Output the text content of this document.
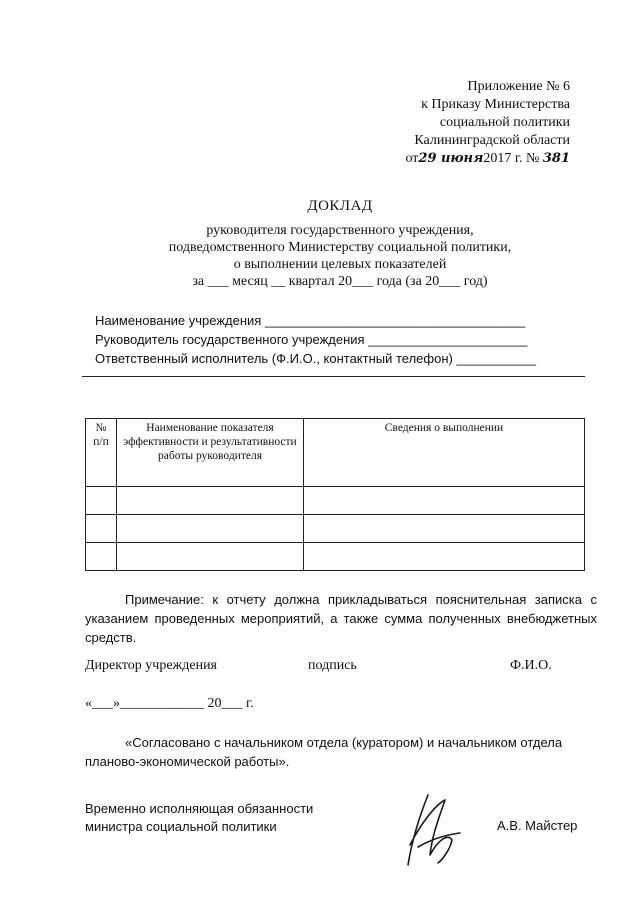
Приложение № 6
к Приказу Министерства
социальной политики
Калининградской области
от29 июня2017 г. № 381
ДОКЛАД
руководителя государственного учреждения,
подведомственного Министерству социальной политики,
о выполнении целевых показателей
за ___ месяц __ квартал 20___ года (за 20___ год)
Наименование учреждения ____________________________________
Руководитель государственного учреждения ______________________
Ответственный исполнитель (Ф.И.О., контактный телефон) ___________
№ п/п	Наименование показателя эффективности и результативности работы руководителя	Сведения о выполнении

Примечание: к отчету должна прикладываться пояснительная записка с указанием проведенных мероприятий, а также сумма полученных внебюджетных средств.
Директор учреждения	подпись	Ф.И.О.
«___»____________ 20___ г.
«Согласовано с начальником отдела (куратором) и начальником отдела планово-экономической работы».
Временно исполняющая обязанности
министра социальной политики	А.В. Майстер
